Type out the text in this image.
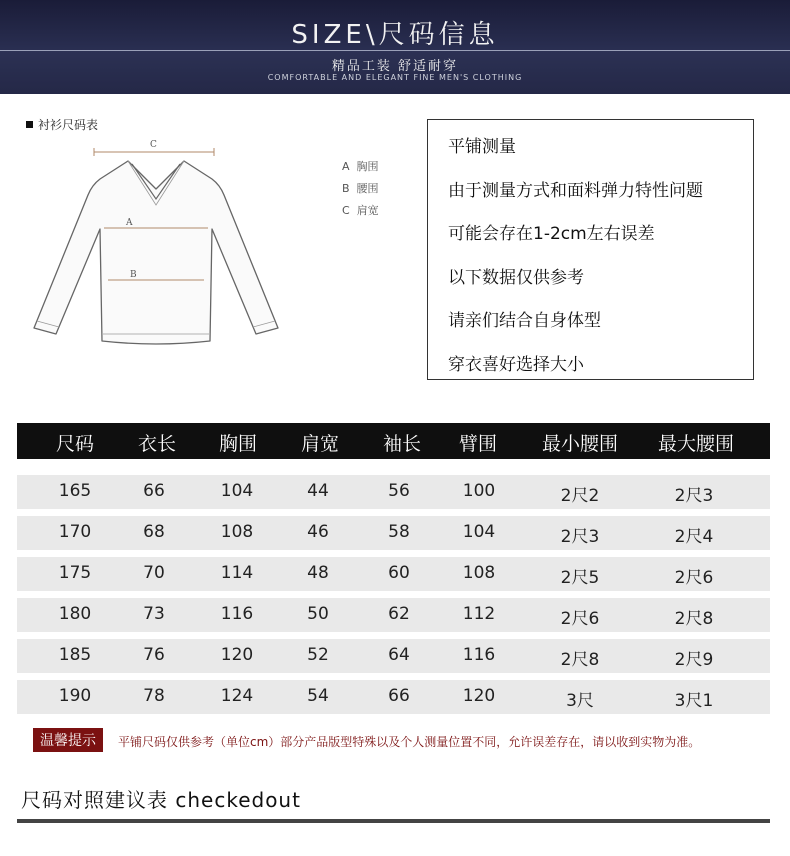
SIZE\尺码信息
精品工装 舒适耐穿
COMFORTABLE AND ELEGANT FINE MEN'S CLOTHING
衬衫尺码表
C
A
B
A 胸围
B 腰围
C 肩宽
平铺测量
由于测量方式和面料弹力特性问题
可能会存在1-2cm左右误差
以下数据仅供参考
请亲们结合自身体型
穿衣喜好选择大小
尺码	衣长	胸围	肩宽	袖长	臂围	最小腰围	最大腰围
165	66	104	44	56	100	2尺2	2尺3
170	68	108	46	58	104	2尺3	2尺4
175	70	114	48	60	108	2尺5	2尺6
180	73	116	50	62	112	2尺6	2尺8
185	76	120	52	64	116	2尺8	2尺9
190	78	124	54	66	120	3尺	3尺1
温馨提示	平铺尺码仅供参考（单位cm）部分产品版型特殊以及个人测量位置不同，允许误差存在，请以收到实物为准。
尺码对照建议表 checkedout
